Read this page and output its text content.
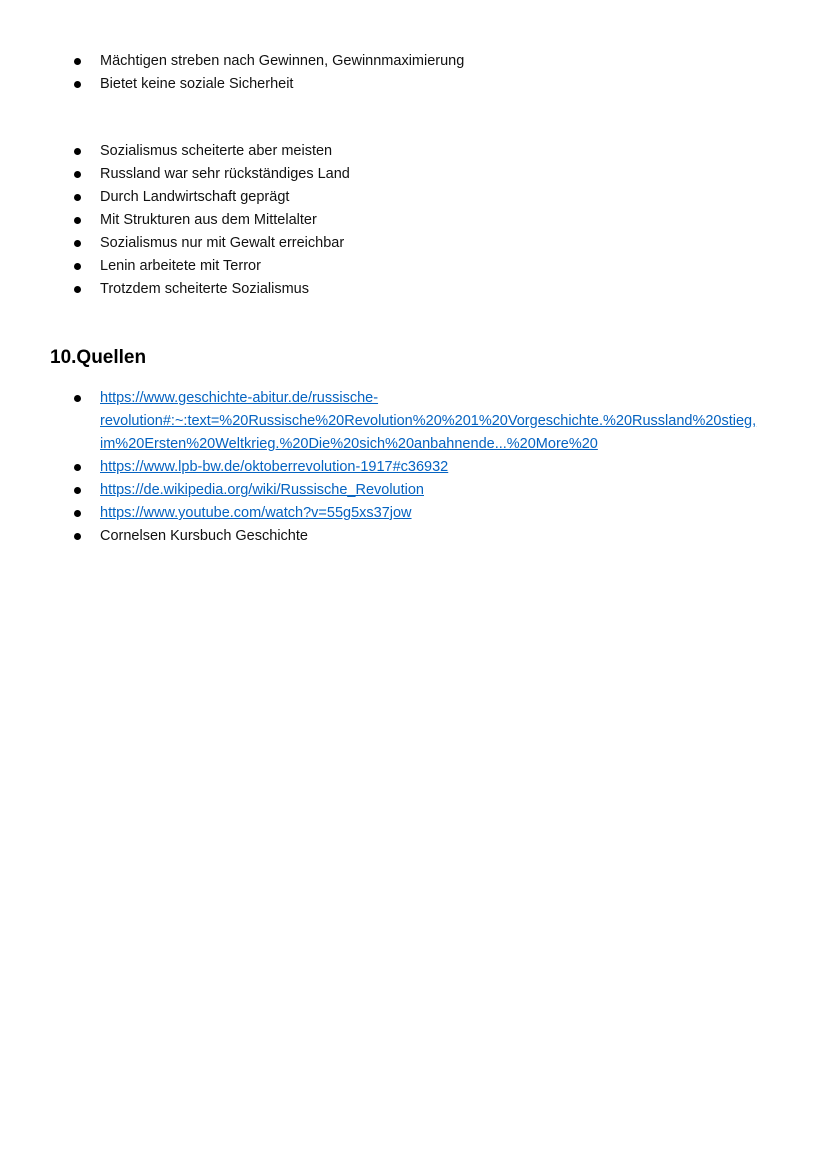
Mächtigen streben nach Gewinnen, Gewinnmaximierung
Bietet keine soziale Sicherheit
Sozialismus scheiterte aber meisten
Russland war sehr rückständiges Land
Durch Landwirtschaft geprägt
Mit Strukturen aus dem Mittelalter
Sozialismus nur mit Gewalt erreichbar
Lenin arbeitete mit Terror
Trotzdem scheiterte Sozialismus
10.Quellen
https://www.geschichte-abitur.de/russische-
revolution#:~:text=%20Russische%20Revolution%20%201%20Vorgeschichte.%20Russland%20stieg,
im%20Ersten%20Weltkrieg.%20Die%20sich%20anbahnende...%20More%20
https://www.lpb-bw.de/oktoberrevolution-1917#c36932
https://de.wikipedia.org/wiki/Russische_Revolution
https://www.youtube.com/watch?v=55g5xs37jow
Cornelsen Kursbuch Geschichte
